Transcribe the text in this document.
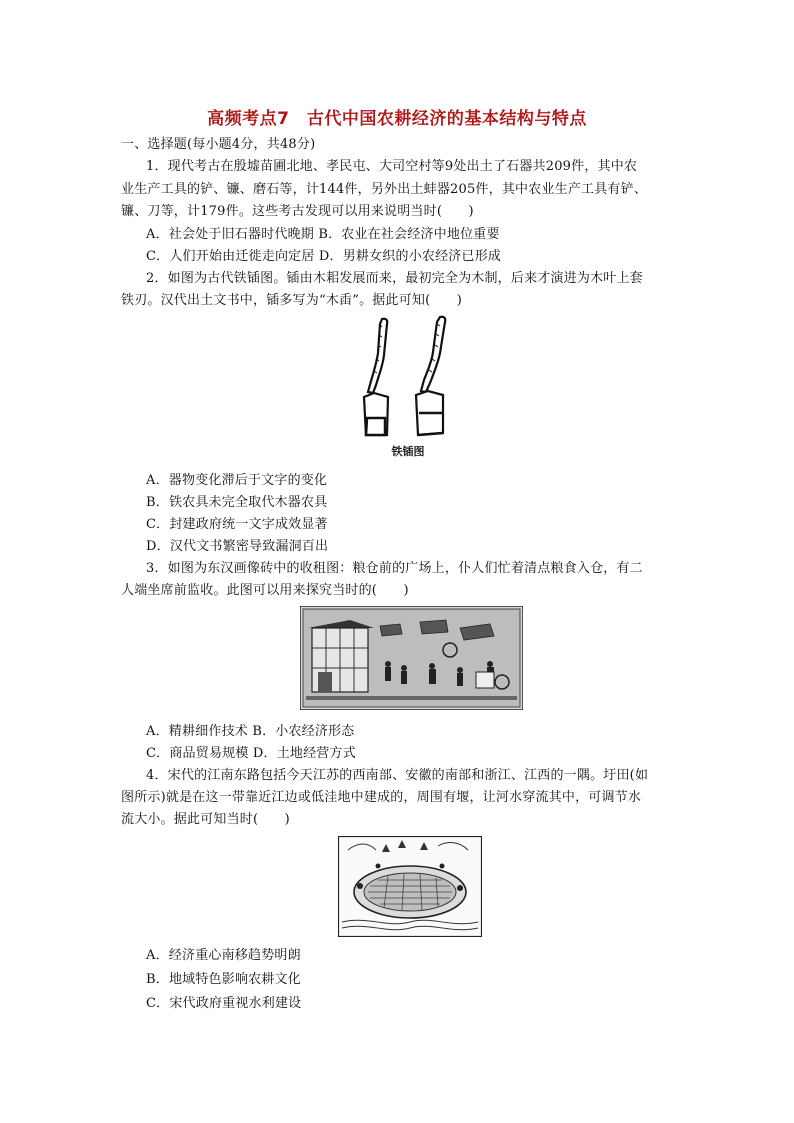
高频考点7　古代中国农耕经济的基本结构与特点
一、选择题(每小题4分，共48分)
1．现代考古在殷墟苗圃北地、孝民屯、大司空村等9处出土了石器共209件，其中农
业生产工具的铲、镰、磨石等，计144件，另外出土蚌器205件，其中农业生产工具有铲、
镰、刀等，计179件。这些考古发现可以用来说明当时(　　)
A．社会处于旧石器时代晚期 B．农业在社会经济中地位重要
C．人们开始由迁徙走向定居 D．男耕女织的小农经济已形成
2．如图为古代铁锸图。锸由木耜发展而来，最初完全为木制，后来才演进为木叶上套
铁刃。汉代出土文书中，锸多写为“木臿”。据此可知(　　)
铁锸图
A．器物变化滞后于文字的变化
B．铁农具未完全取代木器农具
C．封建政府统一文字成效显著
D．汉代文书繁密导致漏洞百出
3．如图为东汉画像砖中的收租图：粮仓前的广场上，仆人们忙着清点粮食入仓，有二
人端坐席前监收。此图可以用来探究当时的(　　)
A．精耕细作技术 B．小农经济形态
C．商品贸易规模 D．土地经营方式
4．宋代的江南东路包括今天江苏的西南部、安徽的南部和浙江、江西的一隅。圩田(如
图所示)就是在这一带靠近江边或低洼地中建成的，周围有堰，让河水穿流其中，可调节水
流大小。据此可知当时(　　)
A．经济重心南移趋势明朗
B．地域特色影响农耕文化
C．宋代政府重视水利建设
